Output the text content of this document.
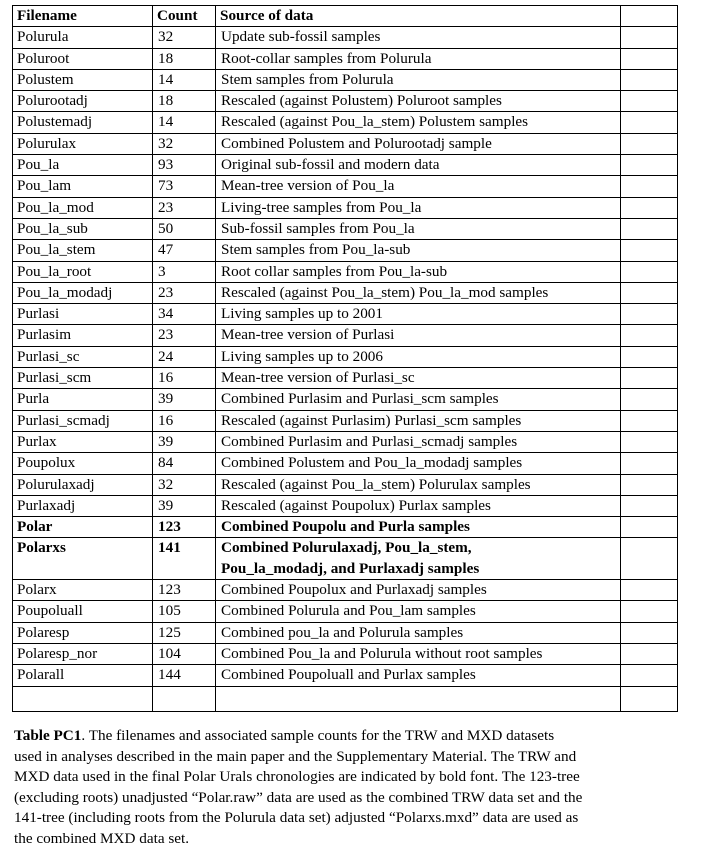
Filename	Count	Source of data	
Polurula	32	Update sub-fossil samples	

Poluroot	18	Root-collar samples from Polurula	

Polustem	14	Stem samples from Polurula	

Polurootadj	18	Rescaled (against Polustem) Poluroot samples	

Polustemadj	14	Rescaled (against Pou_la_stem) Polustem samples	

Polurulax	32	Combined Polustem and Polurootadj sample	

Pou_la	93	Original sub-fossil and modern data	

Pou_lam	73	Mean-tree version of Pou_la	

Pou_la_mod	23	Living-tree samples from Pou_la	

Pou_la_sub	50	Sub-fossil samples from Pou_la	

Pou_la_stem	47	Stem samples from Pou_la-sub	

Pou_la_root	3	Root collar samples from Pou_la-sub	

Pou_la_modadj	23	Rescaled (against Pou_la_stem) Pou_la_mod samples	

Purlasi	34	Living samples up to 2001	

Purlasim	23	Mean-tree version of Purlasi	

Purlasi_sc	24	Living samples up to 2006	

Purlasi_scm	16	Mean-tree version of Purlasi_sc	

Purla	39	Combined Purlasim and Purlasi_scm samples	

Purlasi_scmadj	16	Rescaled (against Purlasim) Purlasi_scm samples	

Purlax	39	Combined Purlasim and Purlasi_scmadj samples	

Poupolux	84	Combined Polustem and Pou_la_modadj samples	

Polurulaxadj	32	Rescaled (against Pou_la_stem) Polurulax samples	

Purlaxadj	39	Rescaled (against Poupolux) Purlax samples	

Polar	123	Combined Poupolu and Purla samples	

Polarxs	141	Combined Polurulaxadj, Pou_la_stem,
Pou_la_modadj, and Purlaxadj samples	

Polarx	123	Combined Poupolux and Purlaxadj samples	

Poupoluall	105	Combined Polurula and Pou_lam samples	

Polaresp	125	Combined pou_la and Polurula samples	

Polaresp_nor	104	Combined Pou_la and Polurula without root samples	

Polarall	144	Combined Poupoluall and Purlax samples	

Table PC1. The filenames and associated sample counts for the TRW and MXD datasets
used in analyses described in the main paper and the Supplementary Material. The TRW and
MXD data used in the final Polar Urals chronologies are indicated by bold font. The 123-tree
(excluding roots) unadjusted “Polar.raw” data are used as the combined TRW data set and the
141-tree (including roots from the Polurula data set) adjusted “Polarxs.mxd” data are used as
the combined MXD data set.
